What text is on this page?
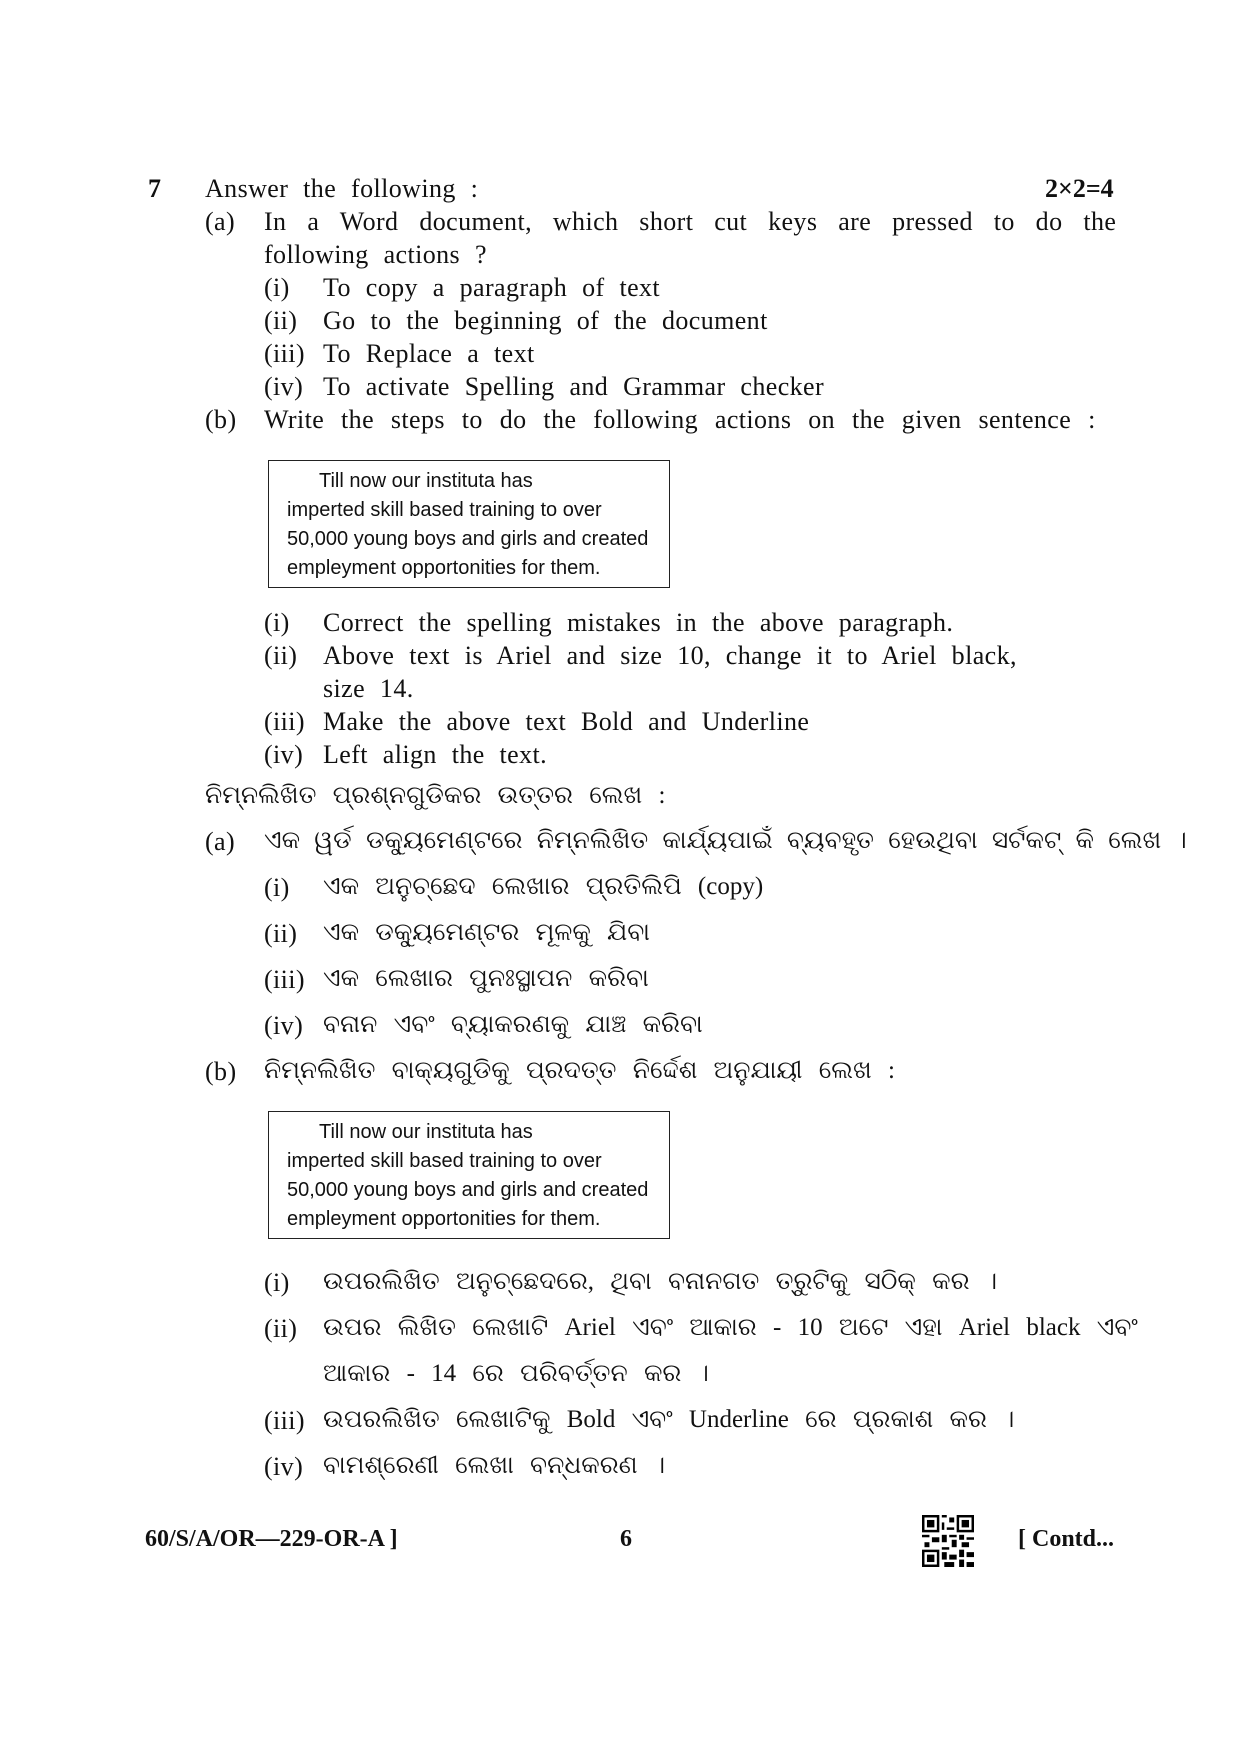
7 Answer the following :	2×2=4
(a) In a Word document, which short cut keys are pressed to do the
following actions ?
(i) To copy a paragraph of text
(ii) Go to the beginning of the document
(iii) To Replace a text
(iv) To activate Spelling and Grammar checker
(b) Write the steps to do the following actions on the given sentence :
Till now our instituta has
imperted skill based training to over
50,000 young boys and girls and created
empleyment opportonities for them.
(i) Correct the spelling mistakes in the above paragraph.
(ii) Above text is Ariel and size 10, change it to Ariel black,
size 14.
(iii) Make the above text Bold and Underline
(iv) Left align the text.
ନିମ୍ନଲିଖିତ ପ୍ରଶ୍ନଗୁଡିକର ଉତ୍ତର ଲେଖ :
(a) ଏକ ୱର୍ଡ ଡକ୍ୟୁମେଣ୍ଟରେ ନିମ୍ନଲିଖିତ କାର୍ଯ୍ୟପାଇଁ ବ୍ୟବହୃତ ହେଉଥିବା ସର୍ଟକଟ୍ କି ଲେଖ ।
(i) ଏକ ଅନୁଚ୍ଛେଦ ଲେଖାର ପ୍ରତିଲିପି (copy)
(ii) ଏକ ଡକ୍ୟୁମେଣ୍ଟର ମୂଳକୁ ଯିବା
(iii) ଏକ ଲେଖାର ପୁନଃସ୍ଥାପନ କରିବା
(iv) ବନାନ ଏବଂ ବ୍ୟାକରଣକୁ ଯାଞ୍ଚ କରିବା
(b) ନିମ୍ନଲିଖିତ ବାକ୍ୟଗୁଡିକୁ ପ୍ରଦତ୍ତ ନିର୍ଦ୍ଦେଶ ଅନୁଯାୟୀ ଲେଖ :
Till now our instituta has
imperted skill based training to over
50,000 young boys and girls and created
empleyment opportonities for them.
(i) ଉପରଲିଖିତ ଅନୁଚ୍ଛେଦରେ, ଥିବା ବନାନଗତ ତ୍ରୁଟିକୁ ସଠିକ୍ କର ।
(ii) ଉପର ଲିଖିତ ଲେଖାଟି Ariel ଏବଂ ଆକାର - 10 ଅଟେ ଏହା Ariel black ଏବଂ
ଆକାର - 14 ରେ ପରିବର୍ତ୍ତନ କର ।
(iii) ଉପରଲିଖିତ ଲେଖାଟିକୁ Bold ଏବଂ Underline ରେ ପ୍ରକାଶ କର ।
(iv) ବାମଶ୍ରେଣୀ ଲେଖା ବନ୍ଧକରଣ ।
60/S/A/OR—229-OR-A ]	6	[ Contd...
